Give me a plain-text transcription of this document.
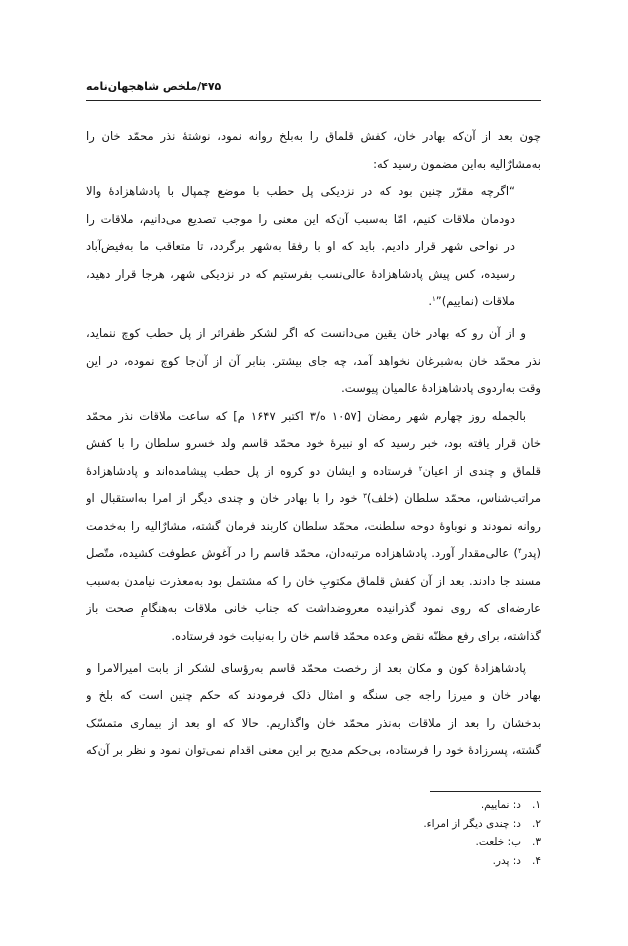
۴۷۵/ملخص شاهجهان‌نامه
چون بعد از آن‌که بهادر خان، کفش قلماق را به‌بلخ روانه نمود، نوشتهٔ نذر محمّد خان را
به‌مشارٌالیه به‌این مضمون رسید که:
“اگرچه مقرّر چنین بود که در نزدیکی پل حطب با موضع چمپال با پادشاهزادهٔ والا
دودمان ملاقات کنیم، امّا به‌سبب آن‌که این معنی را موجب تصدیع می‌دانیم، ملاقات را
در نواحی شهر قرار دادیم. باید که او با رفقا به‌شهر برگردد، تا متعاقب ما به‌فیض‌آباد
رسیده، کس پیش پادشاهزادهٔ عالی‌نسب بفرستیم که در نزدیکی شهر، هرجا قرار دهید،
ملاقات (نماییم)”$^۱$.
و از آن رو که بهادر خان یقین می‌دانست که اگر لشکر ظفراثر از پل حطب کوچ ننماید،
نذر محمّد خان به‌شبرغان نخواهد آمد، چه جای بیشتر. بنابر آن از آن‌جا کوچ نموده، در این
وقت به‌اردوی پادشاهزادهٔ عالمیان پیوست.
بالجمله روز چهارم شهر رمضان [۱۰۵۷ ه/۳ اکتبر ۱۶۴۷ م] که ساعت ملاقات نذر محمّد
خان قرار یافته بود، خبر رسید که او نبیرهٔ خود محمّد قاسم ولد خسرو سلطان را با کفش
قلماق و چندی از اعیان$^۲$ فرستاده و ایشان دو کروه از پل حطب پیشامده‌اند و پادشاهزادهٔ
مراتب‌شناس، محمّد سلطان (خلف)$^۳$ خود را با بهادر خان و چندی دیگر از امرا به‌استقبال او
روانه نمودند و نوباوهٔ دوحه سلطنت، محمّد سلطان کاربند فرمان گشته، مشارٌالیه را به‌خدمت
(پدر$^۴$) عالی‌مقدار آورد. پادشاهزاده مرتبه‌دان، محمّد قاسم را در آغوش عطوفت کشیده، متّصل
مسند جا دادند. بعد از آن کفش قلماق مکتوبِ خان را که مشتمل بود به‌معذرت نیامدن به‌سبب
عارضه‌ای که روی نمود گذرانیده معروضداشت که جناب خانی ملاقات به‌هنگامِ صحت باز
گذاشته، برای رفع مظنّه نقض وعده محمّد قاسم خان را به‌نیابت خود فرستاده.
پادشاهزادهٔ کون و مکان بعد از رخصت محمّد قاسم به‌رؤسای لشکر از بابت امیرالامرا و
بهادر خان و میرزا راجه جی سنگه و امثال ذلک فرمودند که حکم چنین است که بلخ و
بدخشان را بعد از ملاقات به‌نذر محمّد خان واگذاریم. حالا که او بعد از بیماری متمسّک
گشته، پسرزادهٔ خود را فرستاده، بی‌حکم مدیح بر این معنی اقدام نمی‌توان نمود و نظر بر آن‌که
۱.د: نماییم.
۲.د: چندی دیگر از امراء.
۳.ب: خلعت.
۴.د: پدر.
